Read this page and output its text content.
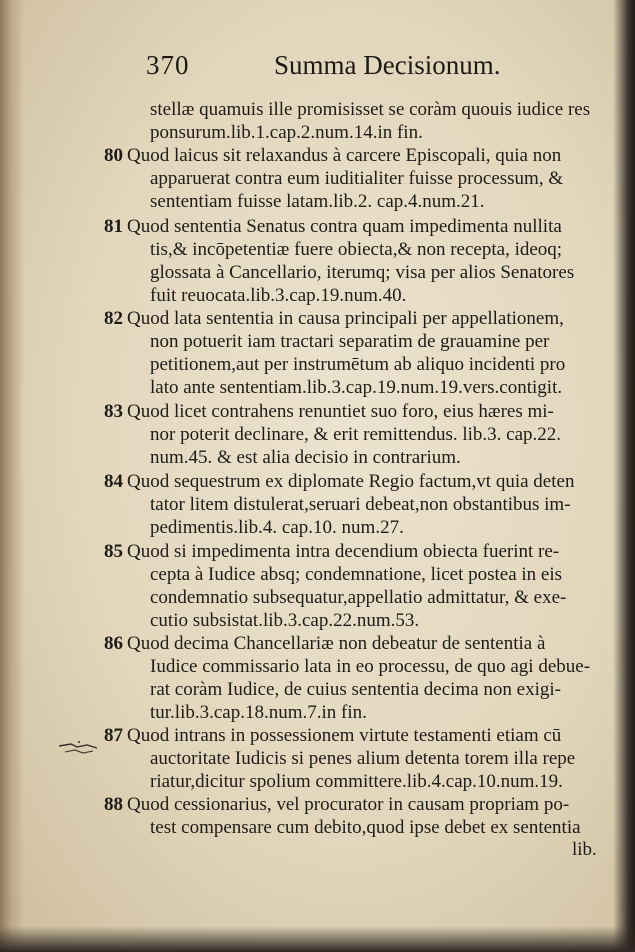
370	Summa Decisionum.
stellæ quamuis ille promisisset se coràm quouis iudice res
ponsurum.lib.1.cap.2.num.14.in fin.
80 Quod laicus sit relaxandus à carcere Episcopali, quia non
apparuerat contra eum iuditialiter fuisse processum, &
sententiam fuisse latam.lib.2. cap.4.num.21.
81 Quod sententia Senatus contra quam impedimenta nullita
tis,& incōpetentiæ fuere obiecta,& non recepta, ideoq;
glossata à Cancellario, iterumq; visa per alios Senatores
fuit reuocata.lib.3.cap.19.num.40.
82 Quod lata sententia in causa principali per appellationem,
non potuerit iam tractari separatim de grauamine per
petitionem,aut per instrumētum ab aliquo incidenti pro
lato ante sententiam.lib.3.cap.19.num.19.vers.contigit.
83 Quod licet contrahens renuntiet suo foro, eius hæres mi-
nor poterit declinare, & erit remittendus. lib.3. cap.22.
num.45. & est alia decisio in contrarium.
84 Quod sequestrum ex diplomate Regio factum,vt quia deten
tator litem distulerat,seruari debeat,non obstantibus im-
pedimentis.lib.4. cap.10. num.27.
85 Quod si impedimenta intra decendium obiecta fuerint re-
cepta à Iudice absq; condemnatione, licet postea in eis
condemnatio subsequatur,appellatio admittatur, & exe-
cutio subsistat.lib.3.cap.22.num.53.
86 Quod decima Chancellariæ non debeatur de sententia à
Iudice commissario lata in eo processu, de quo agi debue-
rat coràm Iudice, de cuius sententia decima non exigi-
tur.lib.3.cap.18.num.7.in fin.
87 Quod intrans in possessionem virtute testamenti etiam cū
auctoritate Iudicis si penes alium detenta torem illa repe
riatur,dicitur spolium committere.lib.4.cap.10.num.19.
88 Quod cessionarius, vel procurator in causam propriam po-
test compensare cum debito,quod ipse debet ex sententia
lib.
